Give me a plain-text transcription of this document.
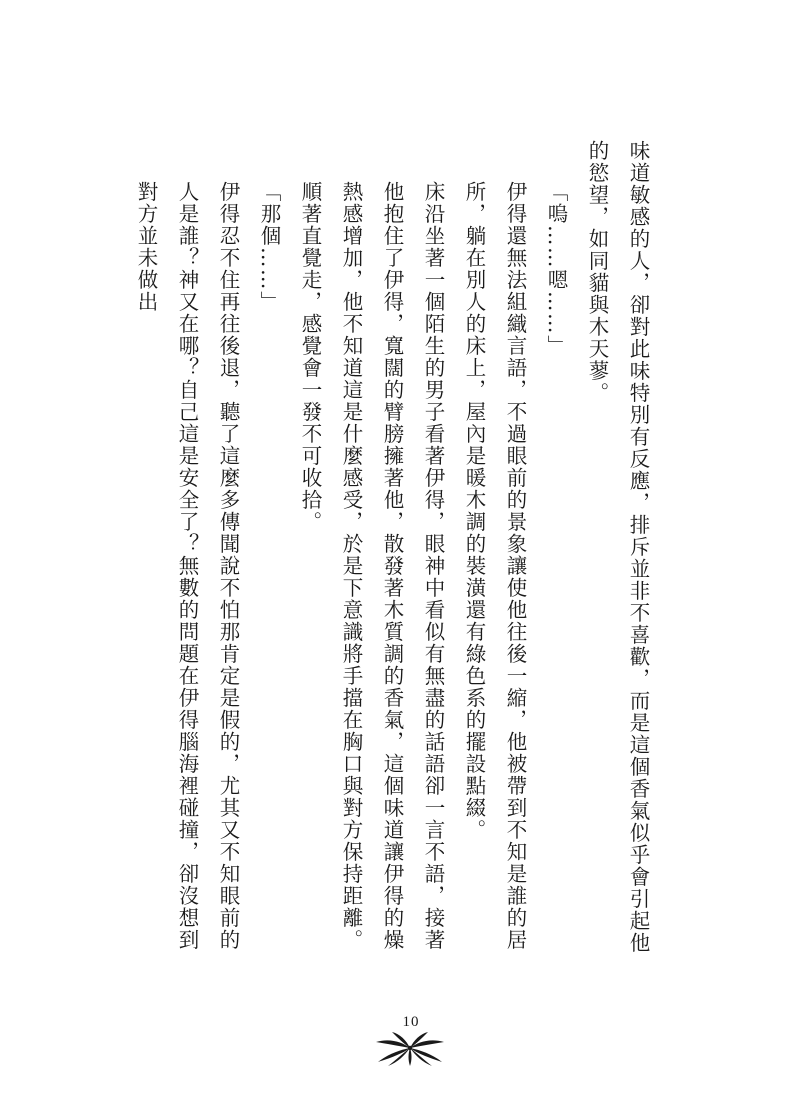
味道敏感的人，卻對此味特別有反應，排斥並非不喜歡，而是這個香氣似乎會引起他的慾望，如同貓與木天蓼。

「嗚……嗯……」

伊得還無法組織言語，不過眼前的景象讓使他往後一縮，他被帶到不知是誰的居所，躺在別人的床上，屋內是暖木調的裝潢還有綠色系的擺設點綴。

床沿坐著一個陌生的男子看著伊得，眼神中看似有無盡的話語卻一言不語，接著他抱住了伊得，寬闊的臂膀擁著他，散發著木質調的香氣，這個味道讓伊得的燥熱感增加，他不知道這是什麼感受，於是下意識將手擋在胸口與對方保持距離。

順著直覺走，感覺會一發不可收拾。

「那個……」

伊得忍不住再往後退，聽了這麼多傳聞說不怕那肯定是假的，尤其又不知眼前的人是誰？神又在哪？自己這是安全了？無數的問題在伊得腦海裡碰撞，卻沒想到對方並未做出

10
